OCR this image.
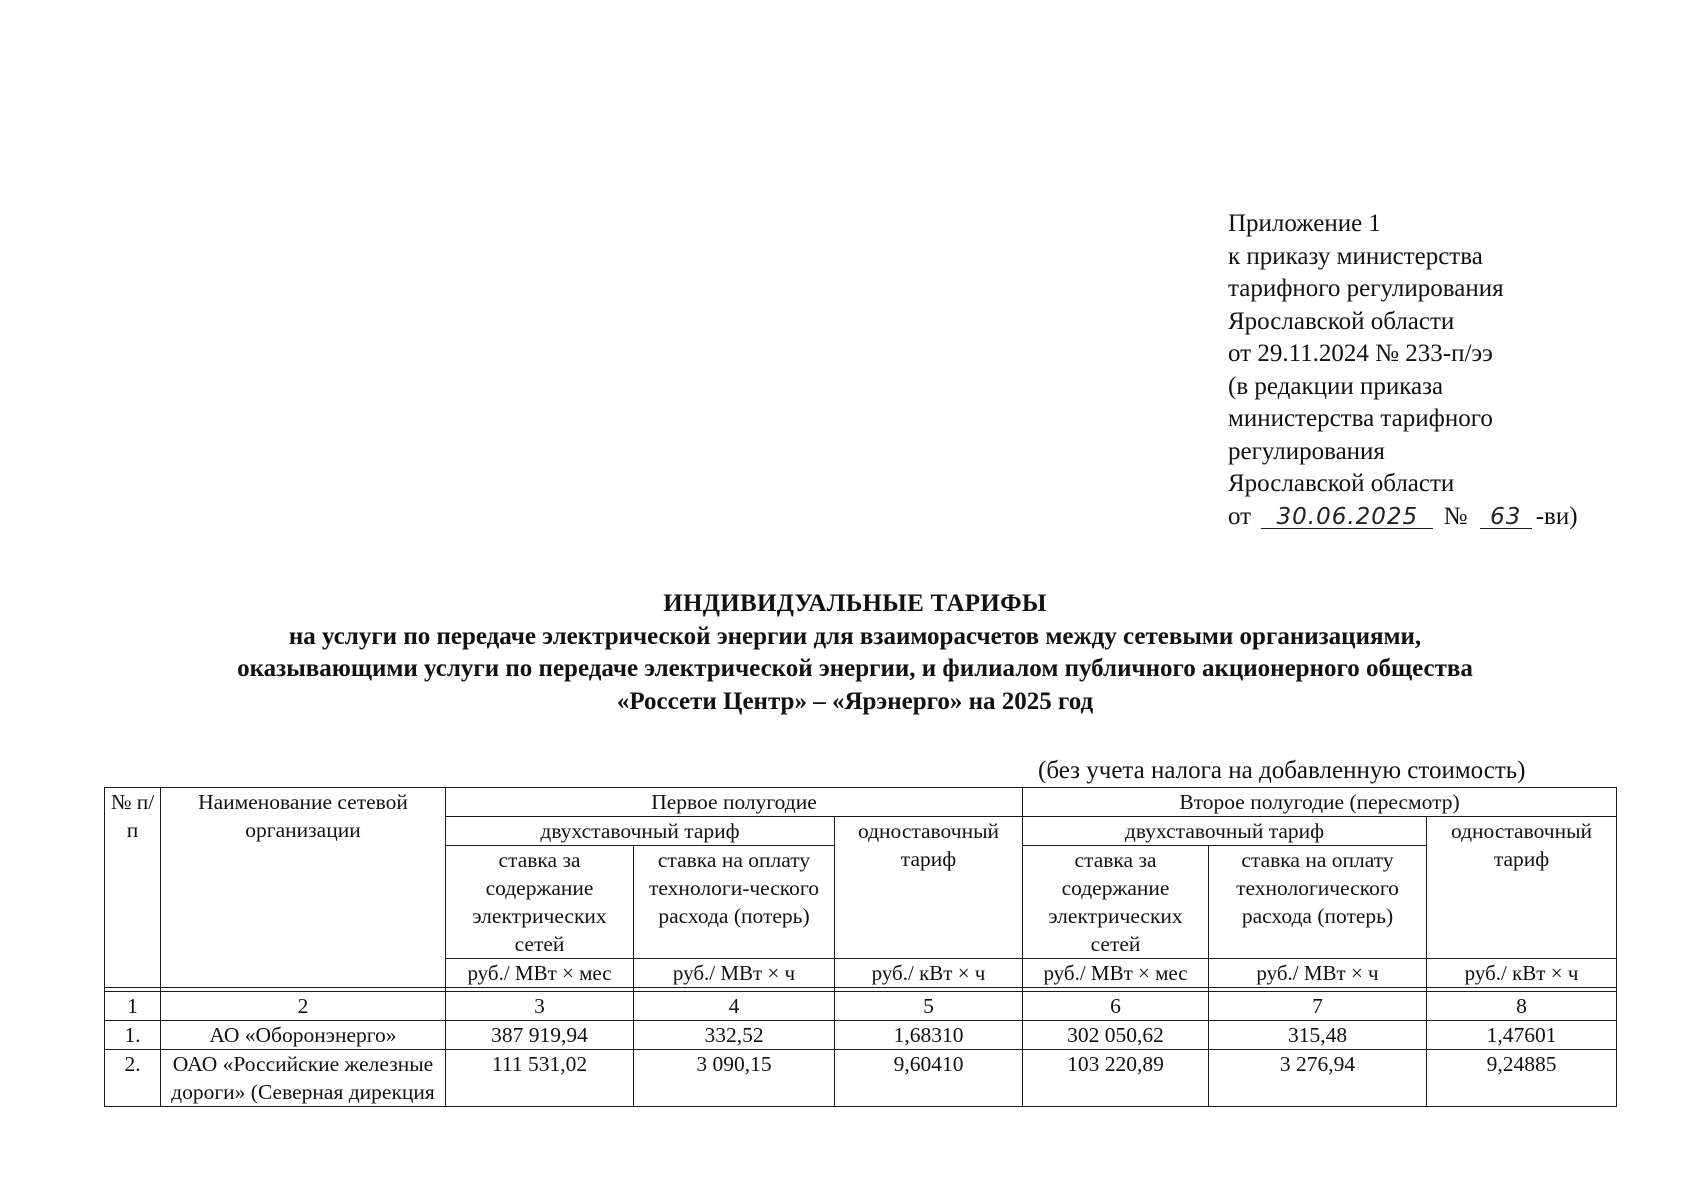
Приложение 1
к приказу министерства
тарифного регулирования
Ярославской области
от 29.11.2024 № 233-п/ээ
(в редакции приказа
министерства тарифного
регулирования
Ярославской области
от 30.06.2025 № 63 -ви)
ИНДИВИДУАЛЬНЫЕ ТАРИФЫ
на услуги по передаче электрической энергии для взаиморасчетов между сетевыми организациями,
оказывающими услуги по передаче электрической энергии, и филиалом публичного акционерного общества
«Россети Центр» – «Ярэнерго» на 2025 год
(без учета налога на добавленную стоимость)
№ п/п	Наименование сетевой организации	Первое полугодие			Второе полугодие (пересмотр)		
		двухставочный тариф		одноставочный тариф	двухставочный тариф		одноставочный тариф
		ставка за содержание электрических сетей	ставка на оплату технологи-ческого расхода (потерь)		ставка за содержание электрических сетей	ставка на оплату технологического расхода (потерь)	
		руб./ МВт × мес	руб./ МВт × ч	руб./ кВт × ч	руб./ МВт × мес	руб./ МВт × ч	руб./ кВт × ч

1	2	3	4	5	6	7	8
1.	АО «Оборонэнерго»	387 919,94	332,52	1,68310	302 050,62	315,48	1,47601
2.	ОАО «Российские железные дороги» (Северная дирекция	111 531,02	3 090,15	9,60410	103 220,89	3 276,94	9,24885
